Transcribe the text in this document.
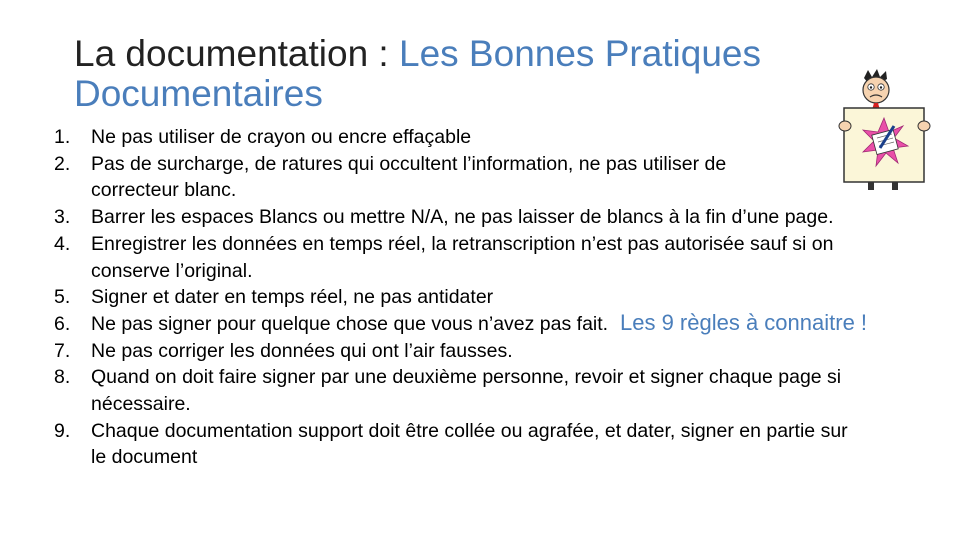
La documentation : Les Bonnes Pratiques Documentaires
1.	Ne pas utiliser de crayon ou encre effaçable
2.	Pas de surcharge, de ratures qui occultent l’information, ne pas utiliser de correcteur blanc.
3.	Barrer les espaces Blancs ou mettre N/A, ne pas laisser de blancs à la fin d’une page.
4.	Enregistrer les données en temps réel, la retranscription n’est pas autorisée sauf si on conserve l’original.
5.	Signer et dater en temps réel, ne pas antidater
6.	Ne pas signer pour quelque chose que vous n’avez pas fait.
7.	Ne pas corriger les données qui ont l’air fausses.
8.	Quand on doit faire signer par une deuxième personne, revoir et signer chaque page si nécessaire.
9.	Chaque documentation support doit être collée ou agrafée, et dater, signer en partie sur le document
Les 9 règles à connaitre !
